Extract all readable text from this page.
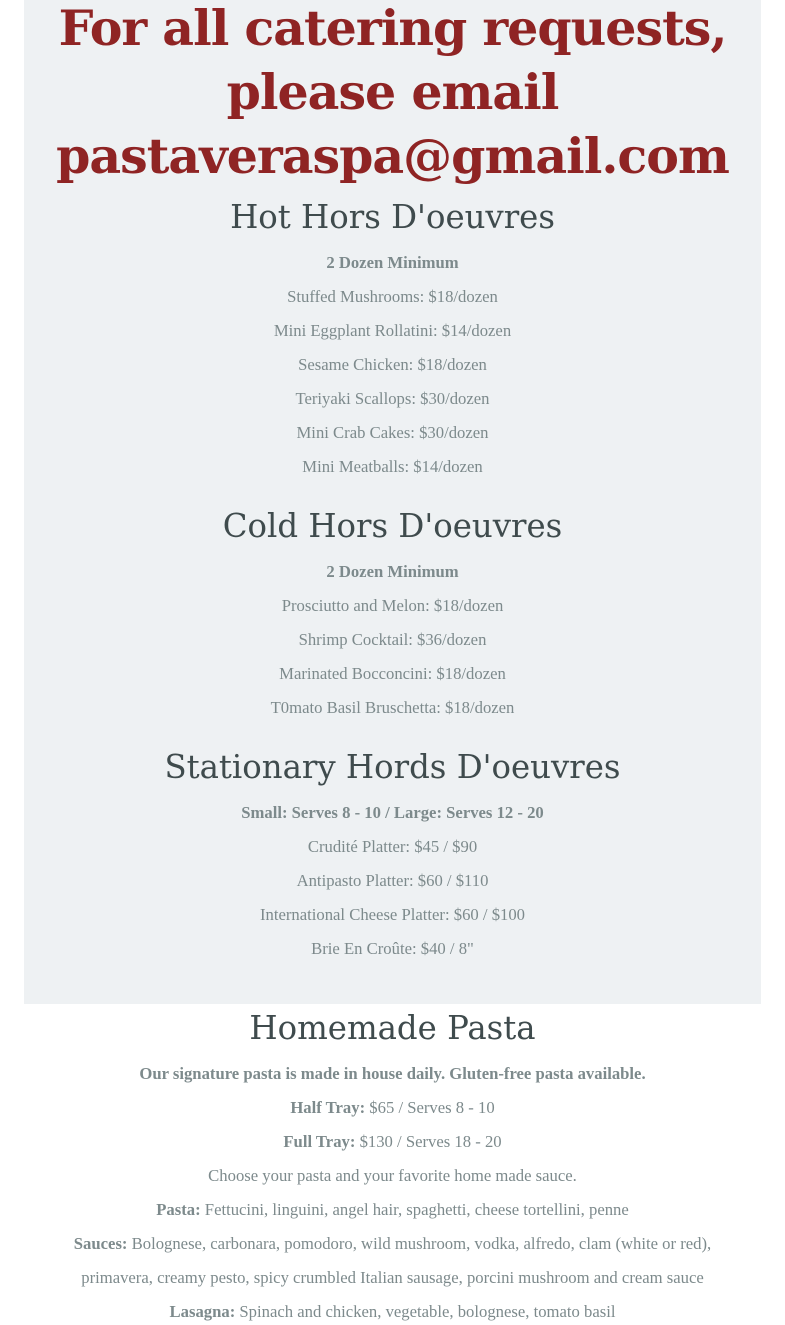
For all catering requests,
please email
pastaveraspa@gmail.com
Hot Hors D'oeuvres
2 Dozen Minimum
Stuffed Mushrooms: $18/dozen
Mini Eggplant Rollatini: $14/dozen
Sesame Chicken: $18/dozen
Teriyaki Scallops: $30/dozen
Mini Crab Cakes: $30/dozen
Mini Meatballs: $14/dozen
Cold Hors D'oeuvres
2 Dozen Minimum
Prosciutto and Melon: $18/dozen
Shrimp Cocktail: $36/dozen
Marinated Bocconcini: $18/dozen
T0mato Basil Bruschetta: $18/dozen
Stationary Hords D'oeuvres
Small: Serves 8 - 10 / Large: Serves 12 - 20
Crudité Platter: $45 / $90
Antipasto Platter: $60 / $110
International Cheese Platter: $60 / $100
Brie En Croûte: $40 / 8"
Homemade Pasta
Our signature pasta is made in house daily. Gluten-free pasta available.
Half Tray: $65 / Serves 8 - 10
Full Tray: $130 / Serves 18 - 20
Choose your pasta and your favorite home made sauce.
Pasta: Fettucini, linguini, angel hair, spaghetti, cheese tortellini, penne
Sauces: Bolognese, carbonara, pomodoro, wild mushroom, vodka, alfredo, clam (white or red),
primavera, creamy pesto, spicy crumbled Italian sausage, porcini mushroom and cream sauce
Lasagna: Spinach and chicken, vegetable, bolognese, tomato basil
